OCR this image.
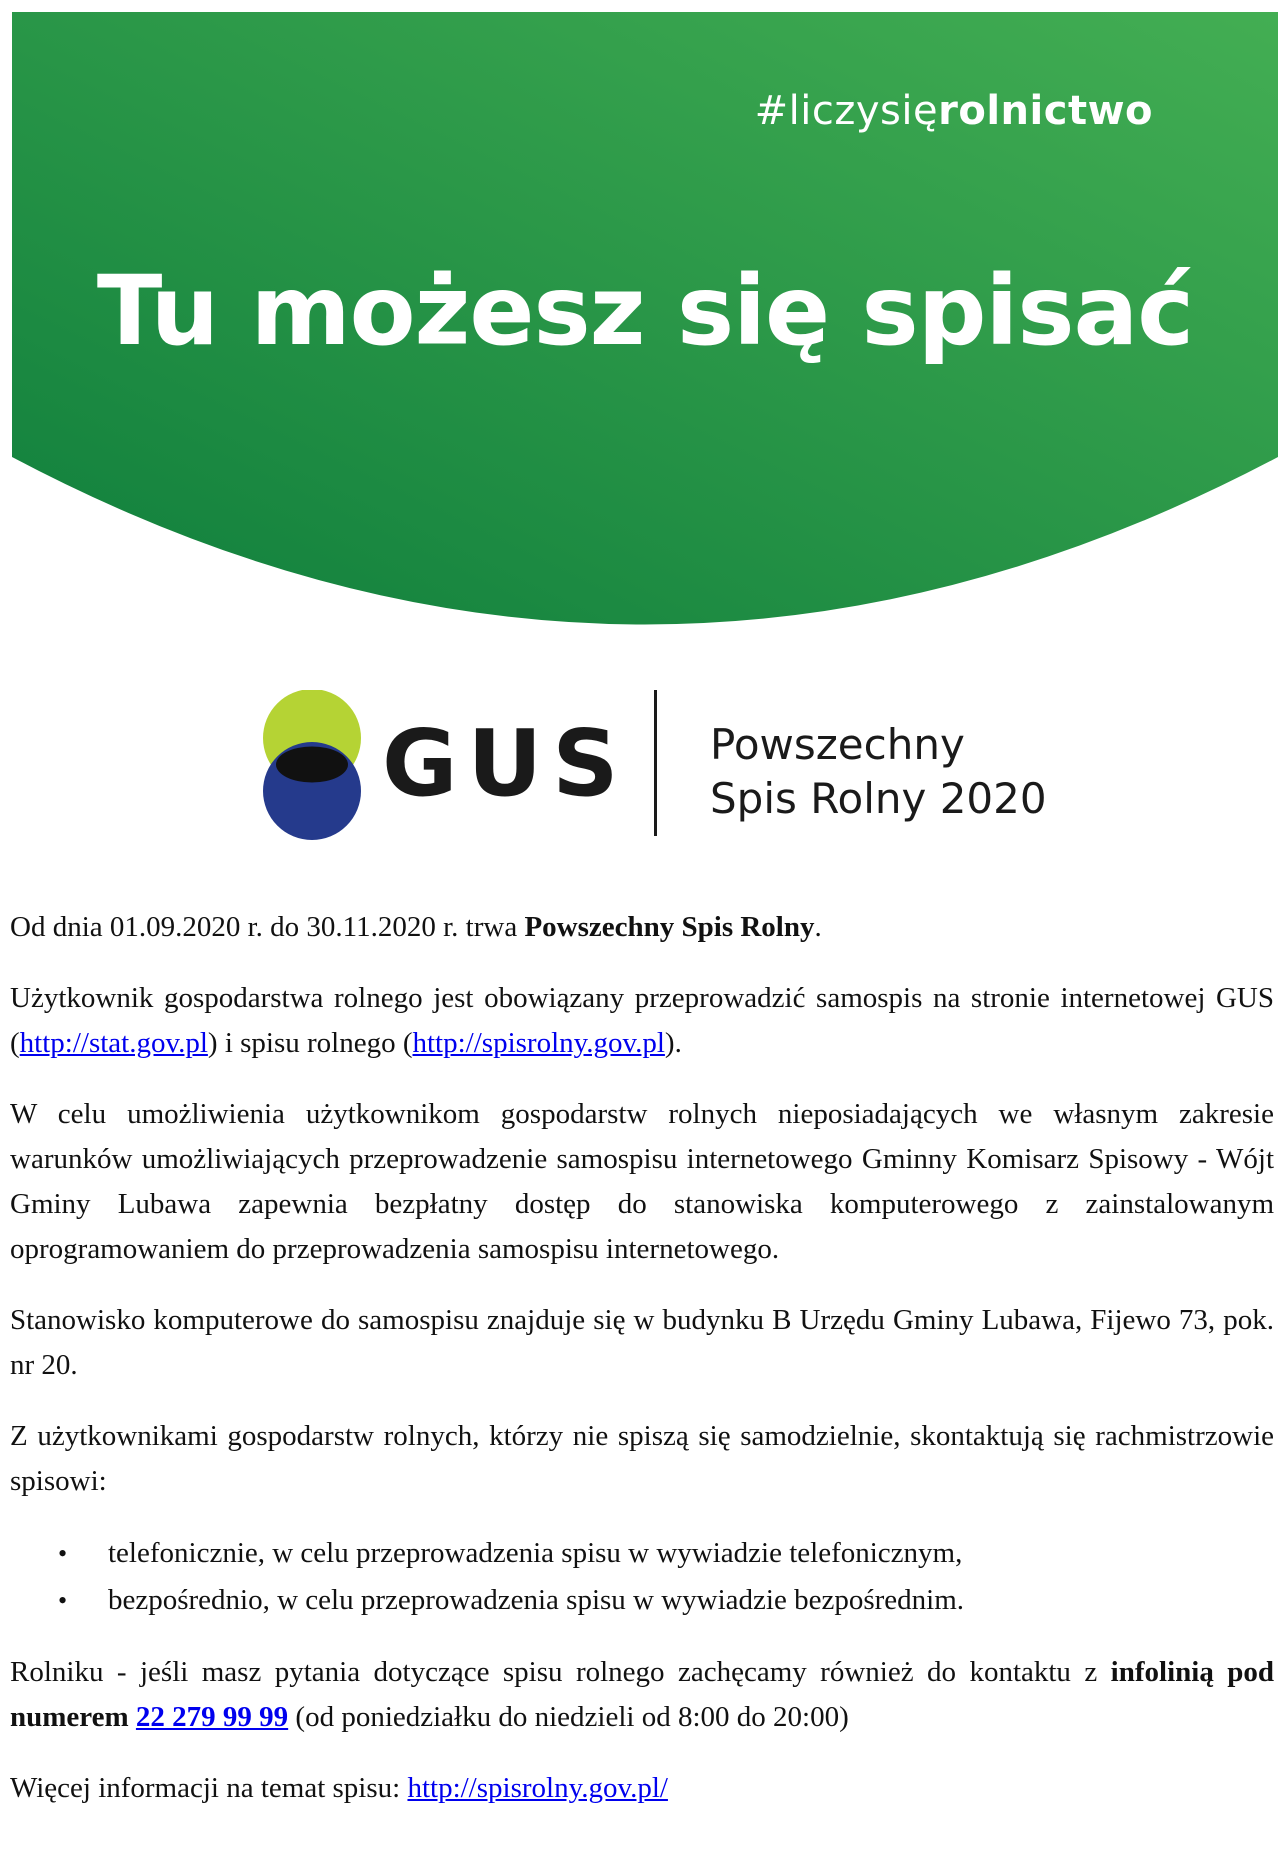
#liczysięrolnictwo
Tu możesz się spisać
GUS Powszechny
Spis Rolny 2020

Od dnia 01.09.2020 r. do 30.11.2020 r. trwa Powszechny Spis Rolny.

Użytkownik gospodarstwa rolnego jest obowiązany przeprowadzić samospis na stronie internetowej GUS (http://stat.gov.pl) i spisu rolnego (http://spisrolny.gov.pl).

W celu umożliwienia użytkownikom gospodarstw rolnych nieposiadających we własnym zakresie warunków umożliwiających przeprowadzenie samospisu internetowego Gminny Komisarz Spisowy - Wójt Gminy Lubawa zapewnia bezpłatny dostęp do stanowiska komputerowego z zainstalowanym oprogramowaniem do przeprowadzenia samospisu internetowego.

Stanowisko komputerowe do samospisu znajduje się w budynku B Urzędu Gminy Lubawa, Fijewo 73, pok. nr 20.

Z użytkownikami gospodarstw rolnych, którzy nie spiszą się samodzielnie, skontaktują się rachmistrzowie spisowi:

• telefonicznie, w celu przeprowadzenia spisu w wywiadzie telefonicznym,
• bezpośrednio, w celu przeprowadzenia spisu w wywiadzie bezpośrednim.

Rolniku - jeśli masz pytania dotyczące spisu rolnego zachęcamy również do kontaktu z infolinią pod numerem 22 279 99 99 (od poniedziałku do niedzieli od 8:00 do 20:00)

Więcej informacji na temat spisu: http://spisrolny.gov.pl/
